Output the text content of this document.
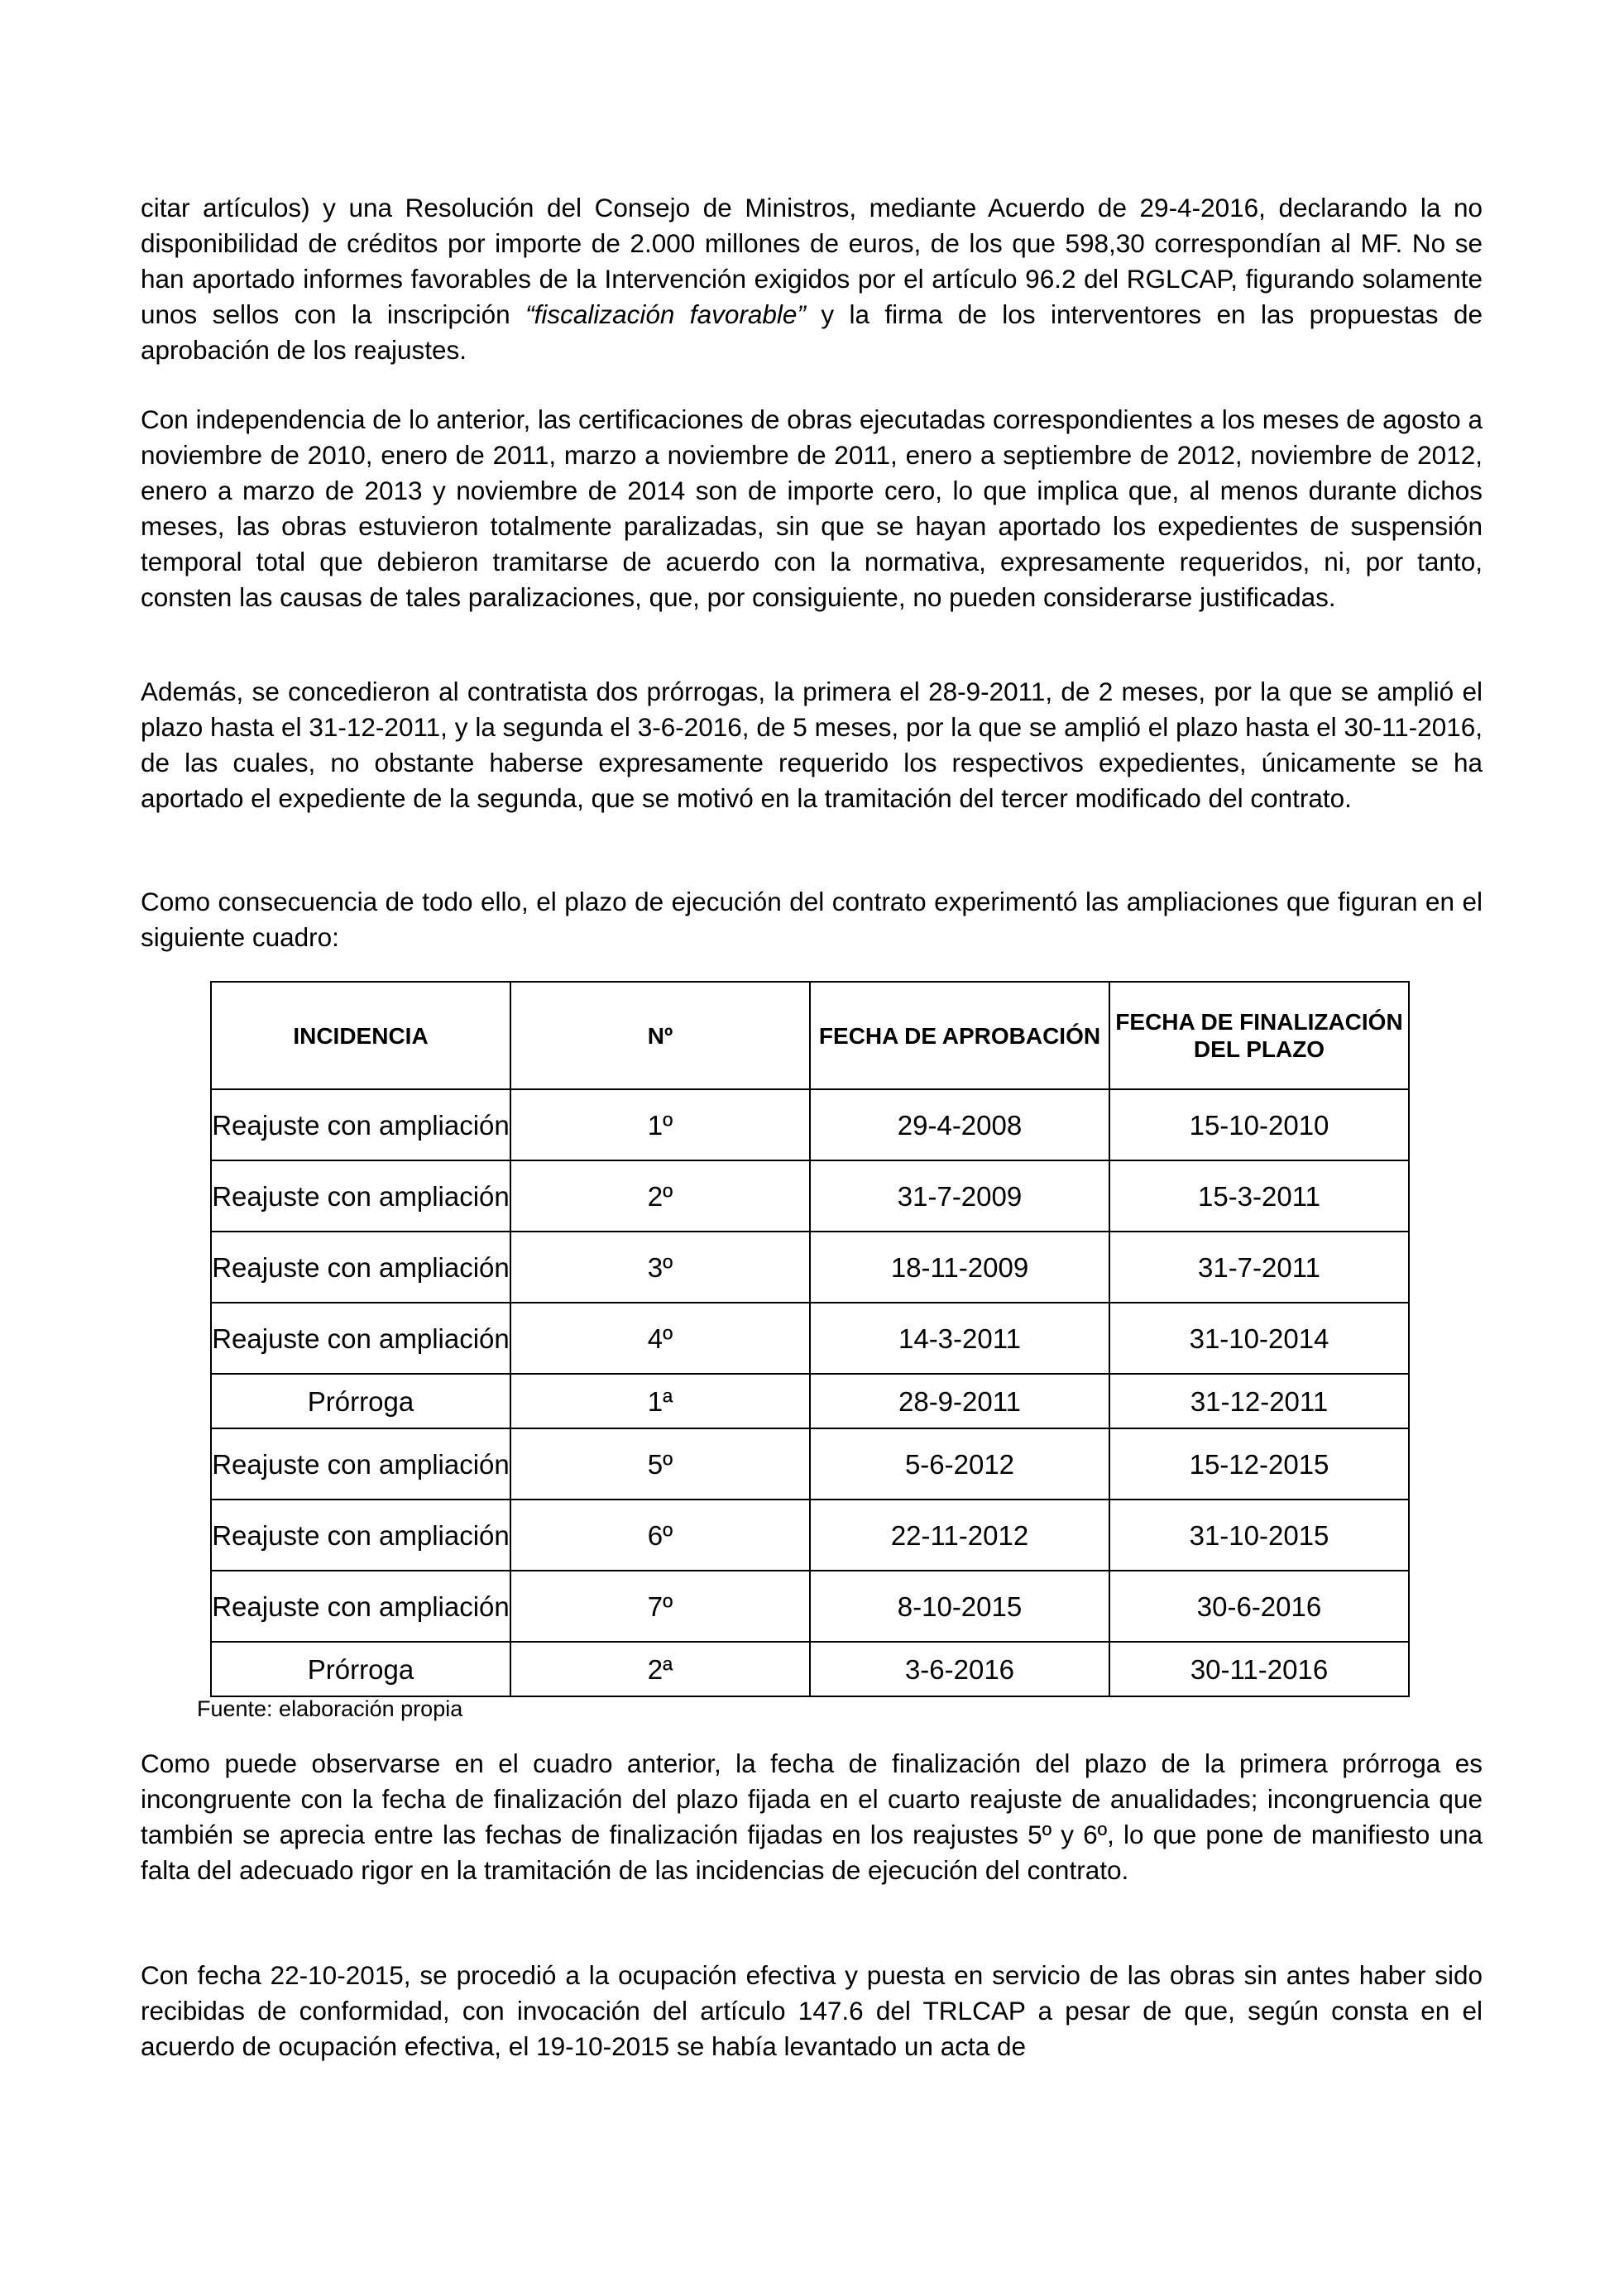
citar artículos) y una Resolución del Consejo de Ministros, mediante Acuerdo de 29-4-2016, declarando la no disponibilidad de créditos por importe de 2.000 millones de euros, de los que 598,30 correspondían al MF. No se han aportado informes favorables de la Intervención exigidos por el artículo 96.2 del RGLCAP, figurando solamente unos sellos con la inscripción “fiscalización favorable” y la firma de los interventores en las propuestas de aprobación de los reajustes.

Con independencia de lo anterior, las certificaciones de obras ejecutadas correspondientes a los meses de agosto a noviembre de 2010, enero de 2011, marzo a noviembre de 2011, enero a septiembre de 2012, noviembre de 2012, enero a marzo de 2013 y noviembre de 2014 son de importe cero, lo que implica que, al menos durante dichos meses, las obras estuvieron totalmente paralizadas, sin que se hayan aportado los expedientes de suspensión temporal total que debieron tramitarse de acuerdo con la normativa, expresamente requeridos, ni, por tanto, consten las causas de tales paralizaciones, que, por consiguiente, no pueden considerarse justificadas.

Además, se concedieron al contratista dos prórrogas, la primera el 28-9-2011, de 2 meses, por la que se amplió el plazo hasta el 31-12-2011, y la segunda el 3-6-2016, de 5 meses, por la que se amplió el plazo hasta el 30-11-2016, de las cuales, no obstante haberse expresamente requerido los respectivos expedientes, únicamente se ha aportado el expediente de la segunda, que se motivó en la tramitación del tercer modificado del contrato.

Como consecuencia de todo ello, el plazo de ejecución del contrato experimentó las ampliaciones que figuran en el siguiente cuadro:

INCIDENCIA	Nº	FECHA DE APROBACIÓN	FECHA DE FINALIZACIÓN DEL PLAZO
Reajuste con ampliación	1º	29-4-2008	15-10-2010
Reajuste con ampliación	2º	31-7-2009	15-3-2011
Reajuste con ampliación	3º	18-11-2009	31-7-2011
Reajuste con ampliación	4º	14-3-2011	31-10-2014
Prórroga	1ª	28-9-2011	31-12-2011
Reajuste con ampliación	5º	5-6-2012	15-12-2015
Reajuste con ampliación	6º	22-11-2012	31-10-2015
Reajuste con ampliación	7º	8-10-2015	30-6-2016
Prórroga	2ª	3-6-2016	30-11-2016
Fuente: elaboración propia

Como puede observarse en el cuadro anterior, la fecha de finalización del plazo de la primera prórroga es incongruente con la fecha de finalización del plazo fijada en el cuarto reajuste de anualidades; incongruencia que también se aprecia entre las fechas de finalización fijadas en los reajustes 5º y 6º, lo que pone de manifiesto una falta del adecuado rigor en la tramitación de las incidencias de ejecución del contrato.

Con fecha 22-10-2015, se procedió a la ocupación efectiva y puesta en servicio de las obras sin antes haber sido recibidas de conformidad, con invocación del artículo 147.6 del TRLCAP a pesar de que, según consta en el acuerdo de ocupación efectiva, el 19-10-2015 se había levantado un acta de
